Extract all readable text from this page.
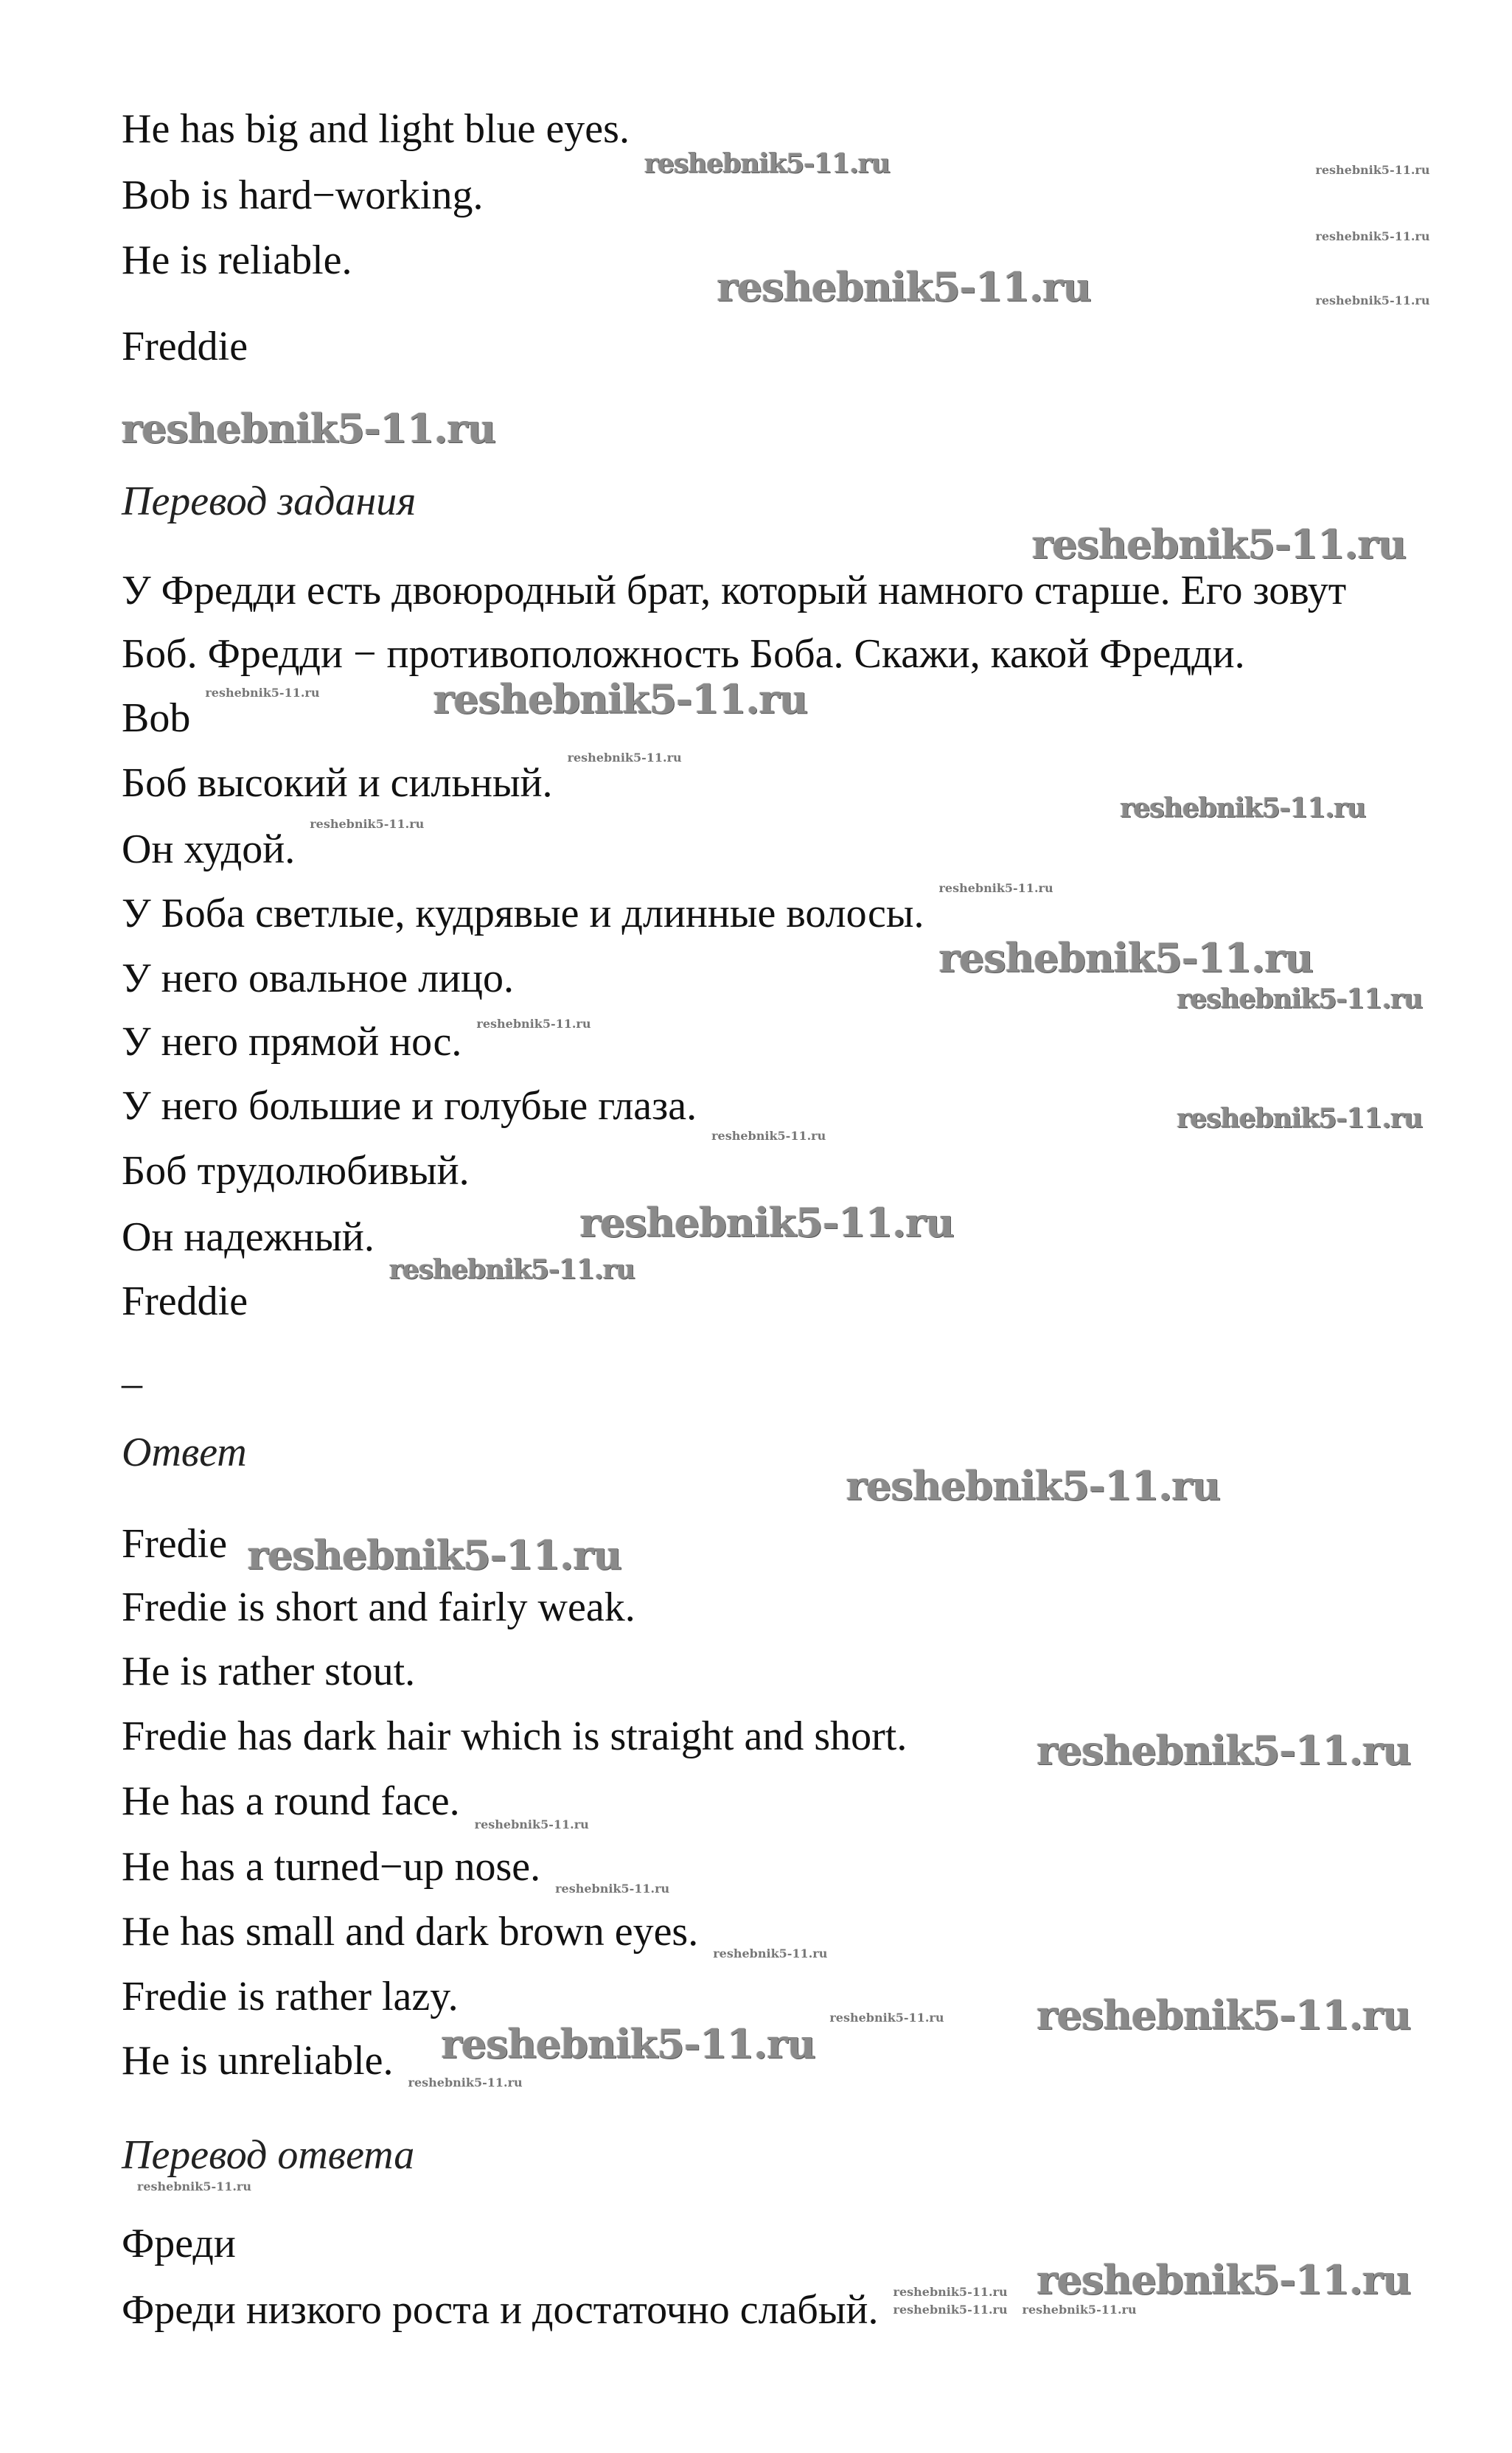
He has big and light blue eyes.
Bob is hard−working.
He is reliable.
Freddie
Перевод задания
У Фредди есть двоюродный брат, который намного старше. Его зовут
Боб. Фредди − противоположность Боба. Скажи, какой Фредди.
Bob
Боб высокий и сильный.
Он худой.
У Боба светлые, кудрявые и длинные волосы.
У него овальное лицо.
У него прямой нос.
У него большие и голубые глаза.
Боб трудолюбивый.
Он надежный.
Freddie
–
Ответ
Fredie
Fredie is short and fairly weak.
He is rather stout.
Fredie has dark hair which is straight and short.
He has a round face.
He has a turned−up nose.
He has small and dark brown eyes.
Fredie is rather lazy.
He is unreliable.
Перевод ответа
Фреди
Фреди низкого роста и достаточно слабый.
reshebnik5-11.ru
reshebnik5-11.ru
reshebnik5-11.ru
reshebnik5-11.ru
reshebnik5-11.ru
reshebnik5-11.ru
reshebnik5-11.ru
reshebnik5-11.ru
reshebnik5-11.ru
reshebnik5-11.ru
reshebnik5-11.ru
reshebnik5-11.ru
reshebnik5-11.ru
reshebnik5-11.ru
reshebnik5-11.ru
reshebnik5-11.ru	reshebnik5-11.ru
reshebnik5-11.ru
reshebnik5-11.ru
reshebnik5-11.ru
reshebnik5-11.ru
reshebnik5-11.ru
reshebnik5-11.ru
reshebnik5-11.ru
reshebnik5-11.ru
reshebnik5-11.ru
reshebnik5-11.ru
reshebnik5-11.ru
reshebnik5-11.ru
reshebnik5-11.ru
reshebnik5-11.ru
reshebnik5-11.ru
reshebnik5-11.ru
reshebnik5-11.ru reshebnik5-11.ru
